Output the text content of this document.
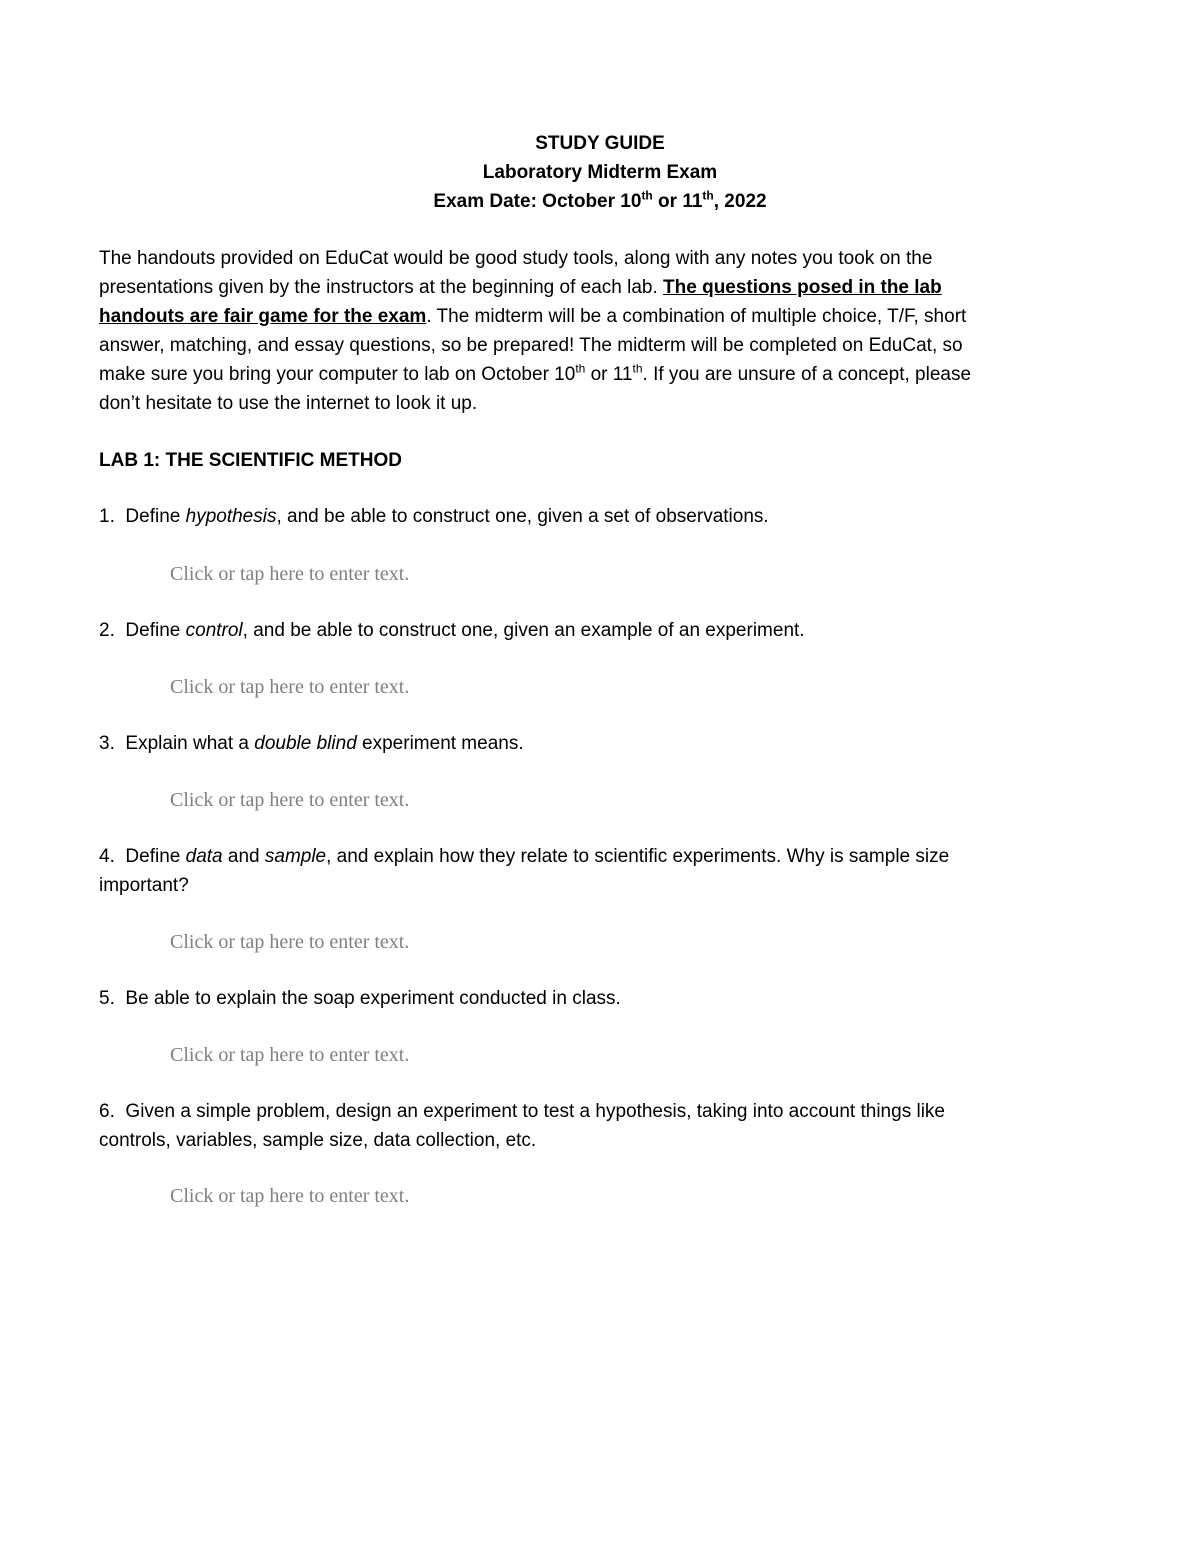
STUDY GUIDE
Laboratory Midterm Exam
Exam Date: October 10th or 11th, 2022
The handouts provided on EduCat would be good study tools, along with any notes you took on the
presentations given by the instructors at the beginning of each lab. The questions posed in the lab
handouts are fair game for the exam. The midterm will be a combination of multiple choice, T/F, short
answer, matching, and essay questions, so be prepared! The midterm will be completed on EduCat, so
make sure you bring your computer to lab on October 10th or 11th. If you are unsure of a concept, please
don’t hesitate to use the internet to look it up.
LAB 1: THE SCIENTIFIC METHOD
1. Define hypothesis, and be able to construct one, given a set of observations.
Click or tap here to enter text.
2. Define control, and be able to construct one, given an example of an experiment.
Click or tap here to enter text.
3. Explain what a double blind experiment means.
Click or tap here to enter text.
4. Define data and sample, and explain how they relate to scientific experiments. Why is sample size
important?
Click or tap here to enter text.
5. Be able to explain the soap experiment conducted in class.
Click or tap here to enter text.
6. Given a simple problem, design an experiment to test a hypothesis, taking into account things like
controls, variables, sample size, data collection, etc.
Click or tap here to enter text.
